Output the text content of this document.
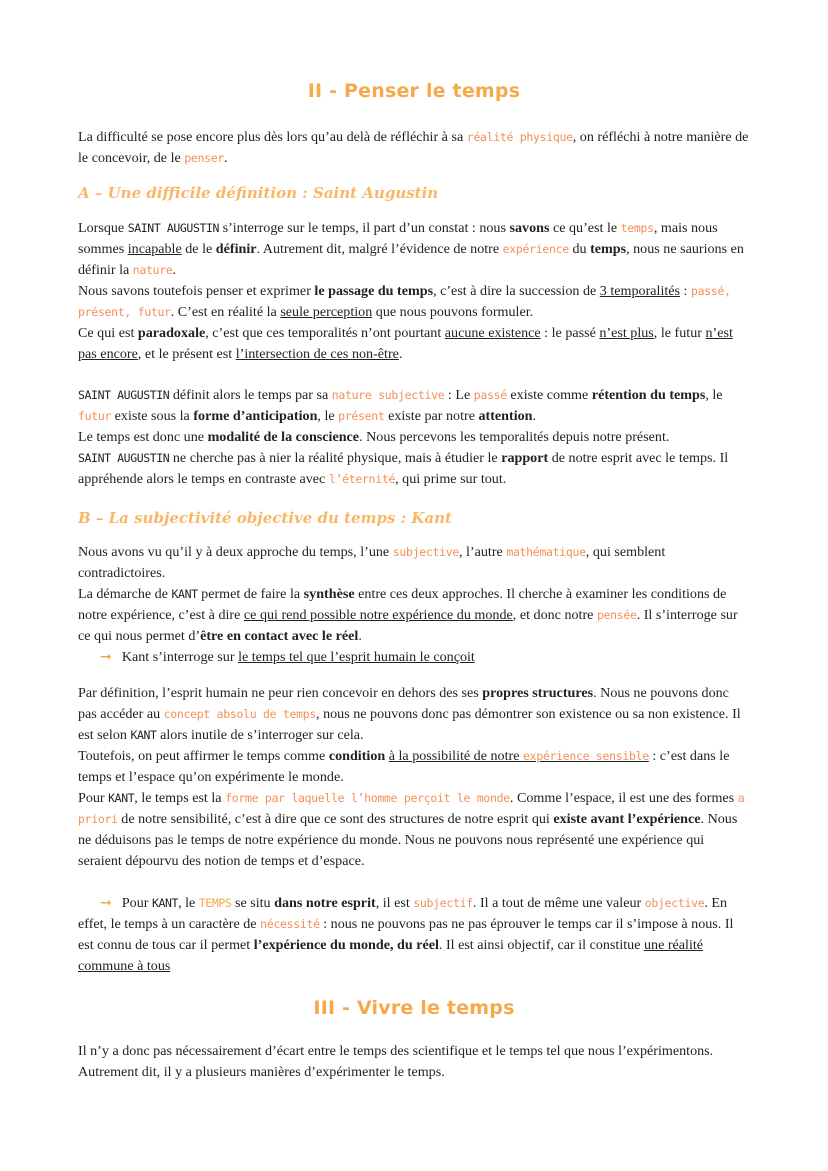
II - Penser le temps

La difficulté se pose encore plus dès lors qu’au delà de réfléchir à sa réalité physique, on réfléchi à notre manière de le concevoir, de le penser.

A – Une difficile définition : Saint Augustin

Lorsque SAINT AUGUSTIN s’interroge sur le temps, il part d’un constat : nous savons ce qu’est le temps, mais nous sommes incapable de le définir. Autrement dit, malgré l’évidence de notre expérience du temps, nous ne saurions en définir la nature.

Nous savons toutefois penser et exprimer le passage du temps, c’est à dire la succession de 3 temporalités : passé, présent, futur. C’est en réalité la seule perception que nous pouvons formuler.

Ce qui est paradoxale, c’est que ces temporalités n’ont pourtant aucune existence : le passé n’est plus, le futur n’est pas encore, et le présent est l’intersection de ces non-être.

SAINT AUGUSTIN définit alors le temps par sa nature subjective : Le passé existe comme rétention du temps, le futur existe sous la forme d’anticipation, le présent existe par notre attention.

Le temps est donc une modalité de la conscience. Nous percevons les temporalités depuis notre présent.

SAINT AUGUSTIN ne cherche pas à nier la réalité physique, mais à étudier le rapport de notre esprit avec le temps. Il appréhende alors le temps en contraste avec l’éternité, qui prime sur tout.

B – La subjectivité objective du temps : Kant

Nous avons vu qu’il y à deux approche du temps, l’une subjective, l’autre mathématique, qui semblent contradictoires.

La démarche de KANT permet de faire la synthèse entre ces deux approches. Il cherche à examiner les conditions de notre expérience, c’est à dire ce qui rend possible notre expérience du monde, et donc notre pensée. Il s’interroge sur ce qui nous permet d’être en contact avec le réel.

➞ Kant s’interroge sur le temps tel que l’esprit humain le conçoit

Par définition, l’esprit humain ne peur rien concevoir en dehors des ses propres structures. Nous ne pouvons donc pas accéder au concept absolu de temps, nous ne pouvons donc pas démontrer son existence ou sa non existence. Il est selon KANT alors inutile de s’interroger sur cela.

Toutefois, on peut affirmer le temps comme condition à la possibilité de notre expérience sensible : c’est dans le temps et l’espace qu’on expérimente le monde.

Pour KANT, le temps est la forme par laquelle l’homme perçoit le monde. Comme l’espace, il est une des formes a priori de notre sensibilité, c’est à dire que ce sont des structures de notre esprit qui existe avant l’expérience. Nous ne déduisons pas le temps de notre expérience du monde. Nous ne pouvons nous représenté une expérience qui seraient dépourvu des notion de temps et d’espace.

➞ Pour KANT, le TEMPS se situ dans notre esprit, il est subjectif. Il a tout de même une valeur objective. En effet, le temps à un caractère de nécessité : nous ne pouvons pas ne pas éprouver le temps car il s’impose à nous. Il est connu de tous car il permet l’expérience du monde, du réel. Il est ainsi objectif, car il constitue une réalité commune à tous

III - Vivre le temps

Il n’y a donc pas nécessairement d’écart entre le temps des scientifique et le temps tel que nous l’expérimentons. Autrement dit, il y a plusieurs manières d’expérimenter le temps.
